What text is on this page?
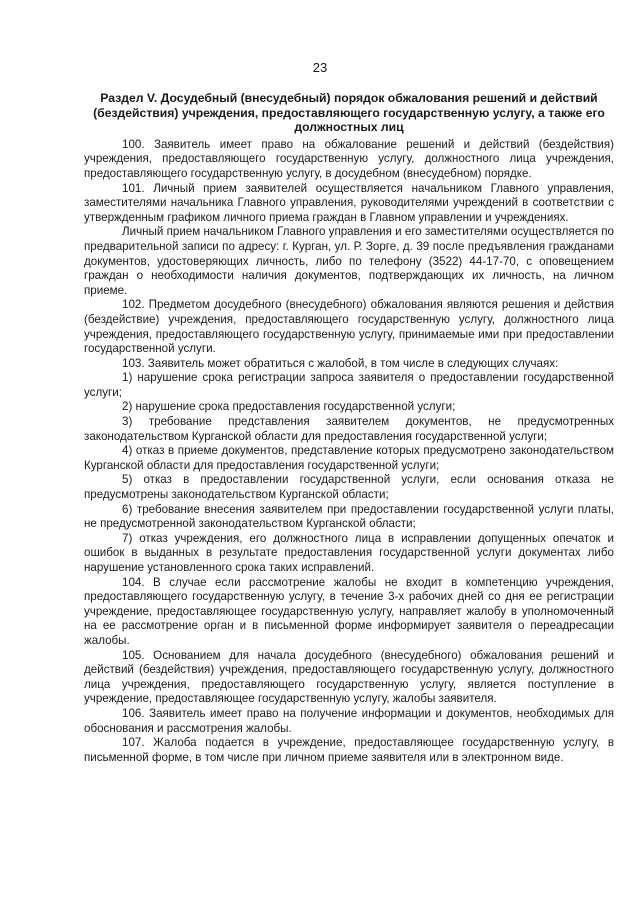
23
Раздел V. Досудебный (внесудебный) порядок обжалования решений и действий (бездействия) учреждения, предоставляющего государственную услугу, а также его должностных лиц

100. Заявитель имеет право на обжалование решений и действий (бездействия) учреждения, предоставляющего государственную услугу, должностного лица учреждения, предоставляющего государственную услугу, в досудебном (внесудебном) порядке.

101. Личный прием заявителей осуществляется начальником Главного управления, заместителями начальника Главного управления, руководителями учреждений в соответствии с утвержденным графиком личного приема граждан в Главном управлении и учреждениях.

Личный прием начальником Главного управления и его заместителями осуществляется по предварительной записи по адресу: г. Курган, ул. Р. Зорге, д. 39 после предъявления гражданами документов, удостоверяющих личность, либо по телефону (3522) 44-17-70, с оповещением граждан о необходимости наличия документов, подтверждающих их личность, на личном приеме.

102. Предметом досудебного (внесудебного) обжалования являются решения и действия (бездействие) учреждения, предоставляющего государственную услугу, должностного лица учреждения, предоставляющего государственную услугу, принимаемые ими при предоставлении государственной услуги.

103. Заявитель может обратиться с жалобой, в том числе в следующих случаях:

1) нарушение срока регистрации запроса заявителя о предоставлении государственной услуги;

2) нарушение срока предоставления государственной услуги;

3) требование представления заявителем документов, не предусмотренных законодательством Курганской области для предоставления государственной услуги;

4) отказ в приеме документов, представление которых предусмотрено законодательством Курганской области для предоставления государственной услуги;

5) отказ в предоставлении государственной услуги, если основания отказа не предусмотрены законодательством Курганской области;

6) требование внесения заявителем при предоставлении государственной услуги платы, не предусмотренной законодательством Курганской области;

7) отказ учреждения, его должностного лица в исправлении допущенных опечаток и ошибок в выданных в результате предоставления государственной услуги документах либо нарушение установленного срока таких исправлений.

104. В случае если рассмотрение жалобы не входит в компетенцию учреждения, предоставляющего государственную услугу, в течение 3-х рабочих дней со дня ее регистрации учреждение, предоставляющее государственную услугу, направляет жалобу в уполномоченный на ее рассмотрение орган и в письменной форме информирует заявителя о переадресации жалобы.

105. Основанием для начала досудебного (внесудебного) обжалования решений и действий (бездействия) учреждения, предоставляющего государственную услугу, должностного лица учреждения, предоставляющего государственную услугу, является поступление в учреждение, предоставляющее государственную услугу, жалобы заявителя.

106. Заявитель имеет право на получение информации и документов, необходимых для обоснования и рассмотрения жалобы.

107. Жалоба подается в учреждение, предоставляющее государственную услугу, в письменной форме, в том числе при личном приеме заявителя или в электронном виде.
